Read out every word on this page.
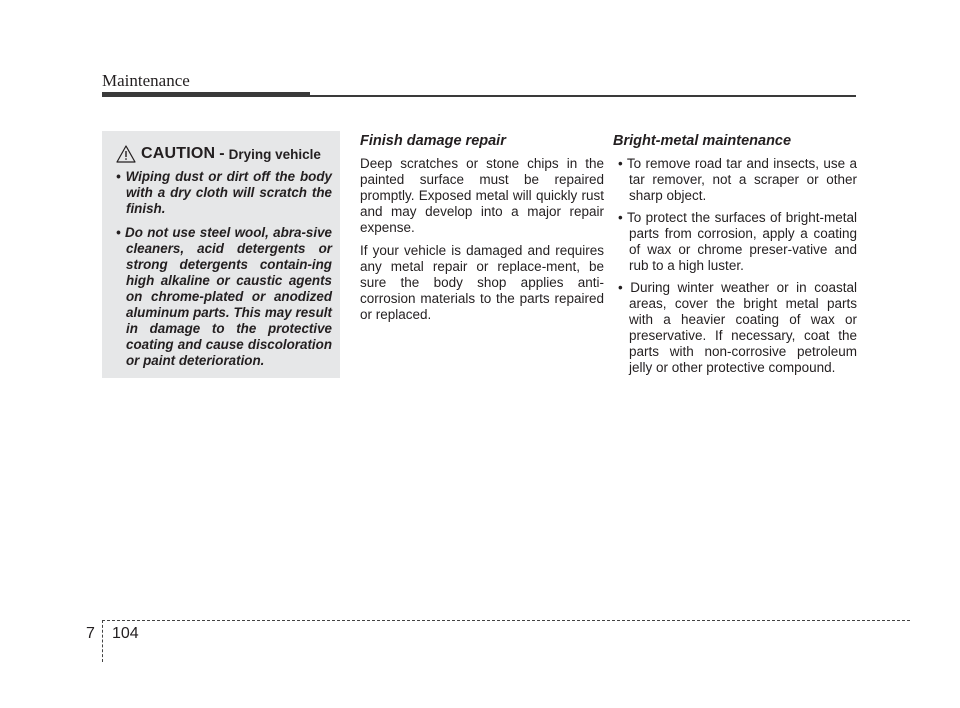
Maintenance
CAUTION - Drying vehicle
• Wiping dust or dirt off the body with a dry cloth will scratch the finish.
• Do not use steel wool, abra-sive cleaners, acid detergents or strong detergents contain-ing high alkaline or caustic agents on chrome-plated or anodized aluminum parts. This may result in damage to the protective coating and cause discoloration or paint deterioration.
Finish damage repair

Deep scratches or stone chips in the painted surface must be repaired promptly. Exposed metal will quickly rust and may develop into a major repair expense.

If your vehicle is damaged and requires any metal repair or replace-ment, be sure the body shop applies anti-corrosion materials to the parts repaired or replaced.

Bright-metal maintenance
• To remove road tar and insects, use a tar remover, not a scraper or other sharp object.
• To protect the surfaces of bright-metal parts from corrosion, apply a coating of wax or chrome preser-vative and rub to a high luster.
• During winter weather or in coastal areas, cover the bright metal parts with a heavier coating of wax or preservative. If necessary, coat the parts with non-corrosive petroleum jelly or other protective compound.
7 104
